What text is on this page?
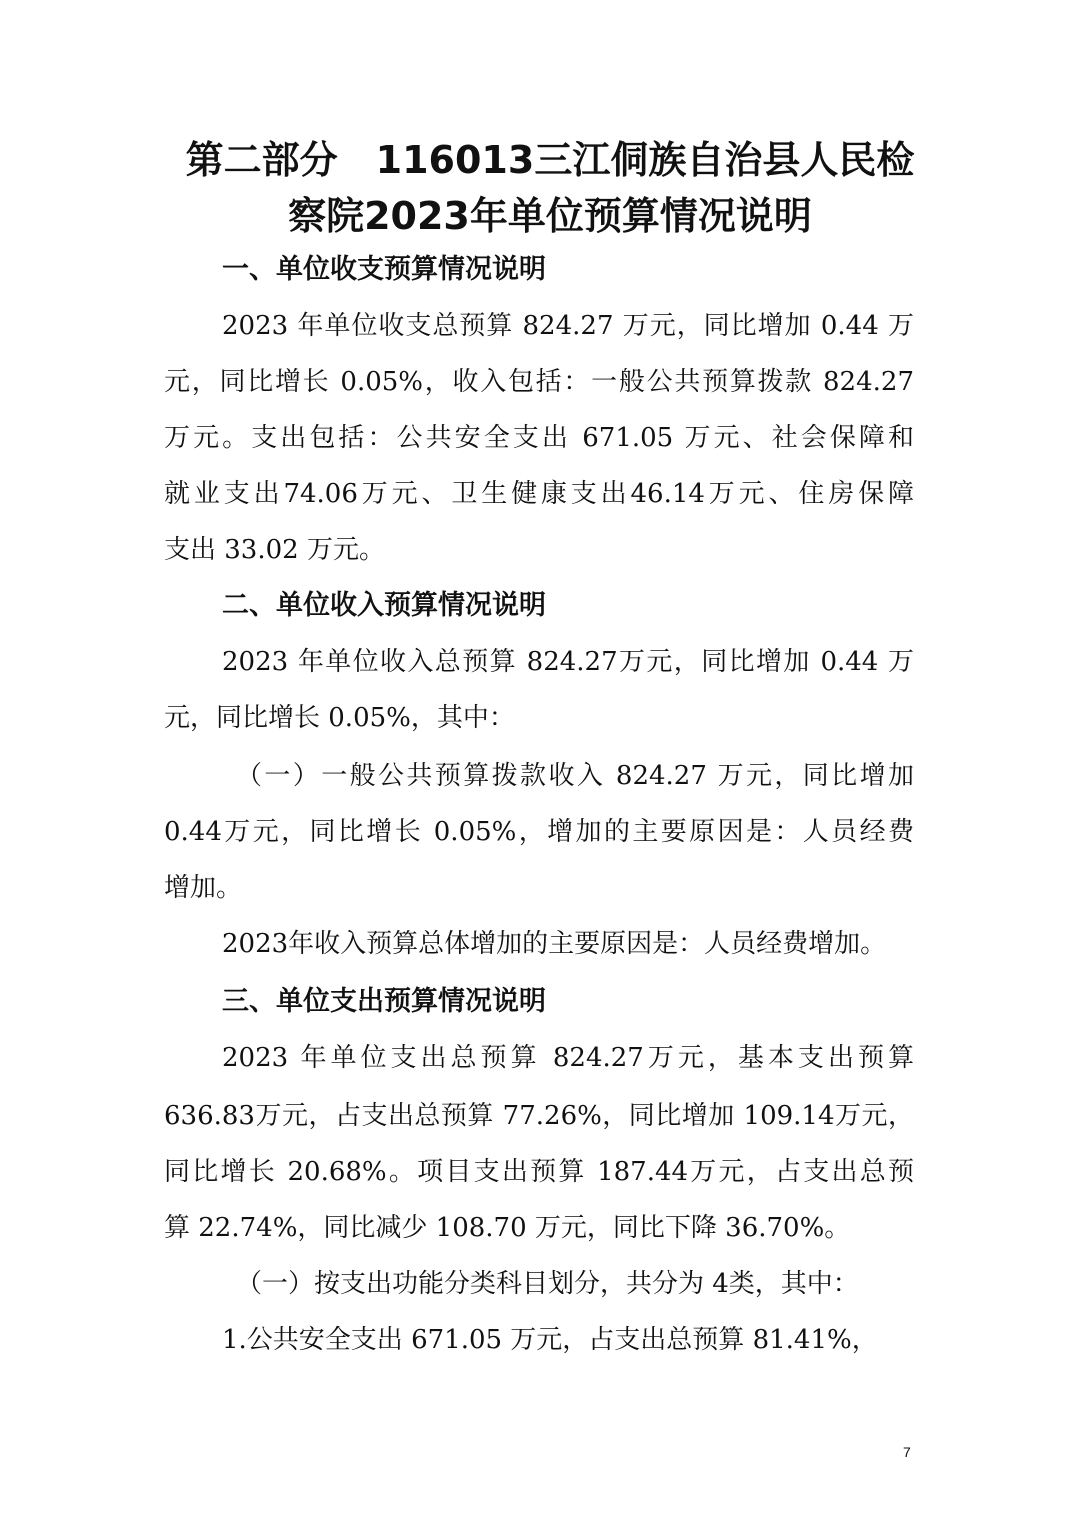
第二部分　116013三江侗族自治县人民检
察院2023年单位预算情况说明
一、单位收支预算情况说明

2023 年单位收支总预算 824.27 万元，同比增加 0.44 万

元，同比增长 0.05%，收入包括：一般公共预算拨款 824.27

万元。支出包括：公共安全支出 671.05 万元、社会保障和

就业支出74.06万元、卫生健康支出46.14万元、住房保障

支出 33.02 万元。

二、单位收入预算情况说明

2023 年单位收入总预算 824.27万元，同比增加 0.44 万

元，同比增长 0.05%，其中：

（一）一般公共预算拨款收入 824.27 万元，同比增加

0.44万元，同比增长 0.05%，增加的主要原因是：人员经费

增加。

2023年收入预算总体增加的主要原因是：人员经费增加。

三、单位支出预算情况说明

2023 年单位支出总预算 824.27万元，基本支出预算

636.83万元，占支出总预算 77.26%，同比增加 109.14万元，

同比增长 20.68%。项目支出预算 187.44万元，占支出总预

算 22.74%，同比减少 108.70 万元，同比下降 36.70%。

（一）按支出功能分类科目划分，共分为 4类，其中：

1.公共安全支出 671.05 万元，占支出总预算 81.41%，

7
